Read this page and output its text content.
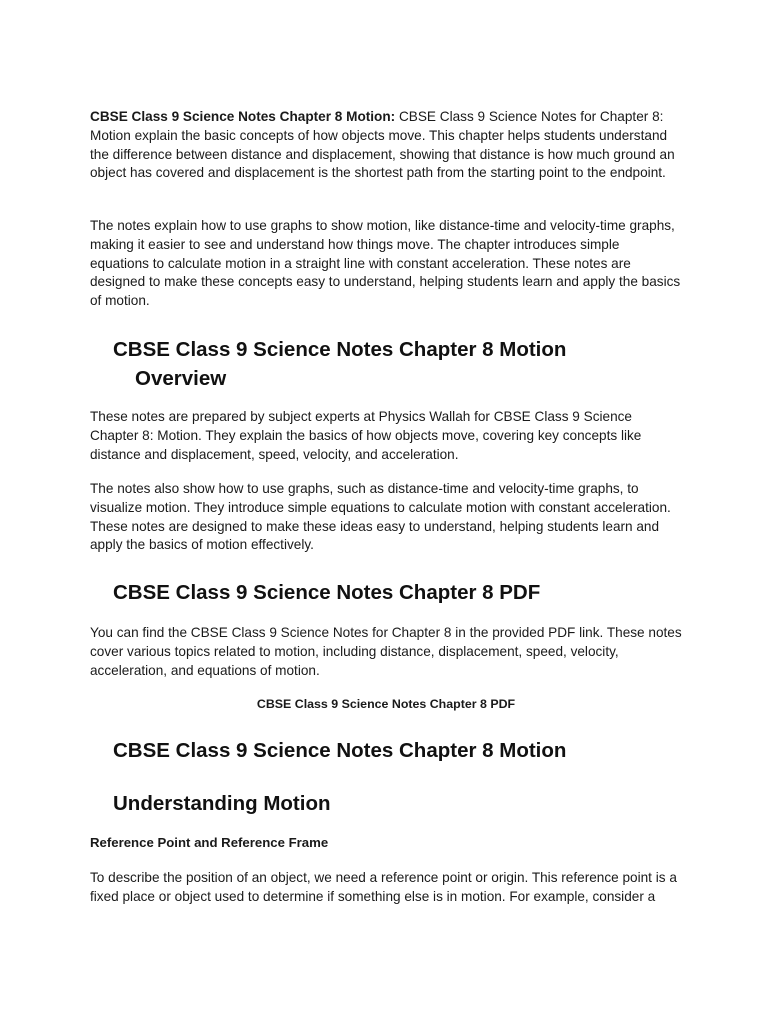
CBSE Class 9 Science Notes Chapter 8 Motion: CBSE Class 9 Science Notes for Chapter 8: Motion explain the basic concepts of how objects move. This chapter helps students understand the difference between distance and displacement, showing that distance is how much ground an object has covered and displacement is the shortest path from the starting point to the endpoint.

The notes explain how to use graphs to show motion, like distance-time and velocity-time graphs, making it easier to see and understand how things move. The chapter introduces simple equations to calculate motion in a straight line with constant acceleration. These notes are designed to make these concepts easy to understand, helping students learn and apply the basics of motion.

CBSE Class 9 Science Notes Chapter 8 Motion
Overview

These notes are prepared by subject experts at Physics Wallah for CBSE Class 9 Science Chapter 8: Motion. They explain the basics of how objects move, covering key concepts like distance and displacement, speed, velocity, and acceleration.

The notes also show how to use graphs, such as distance-time and velocity-time graphs, to visualize motion. They introduce simple equations to calculate motion with constant acceleration. These notes are designed to make these ideas easy to understand, helping students learn and apply the basics of motion effectively.

CBSE Class 9 Science Notes Chapter 8 PDF

You can find the CBSE Class 9 Science Notes for Chapter 8 in the provided PDF link. These notes cover various topics related to motion, including distance, displacement, speed, velocity, acceleration, and equations of motion.

CBSE Class 9 Science Notes Chapter 8 PDF

CBSE Class 9 Science Notes Chapter 8 Motion
Understanding Motion

Reference Point and Reference Frame

To describe the position of an object, we need a reference point or origin. This reference point is a fixed place or object used to determine if something else is in motion. For example, consider a
